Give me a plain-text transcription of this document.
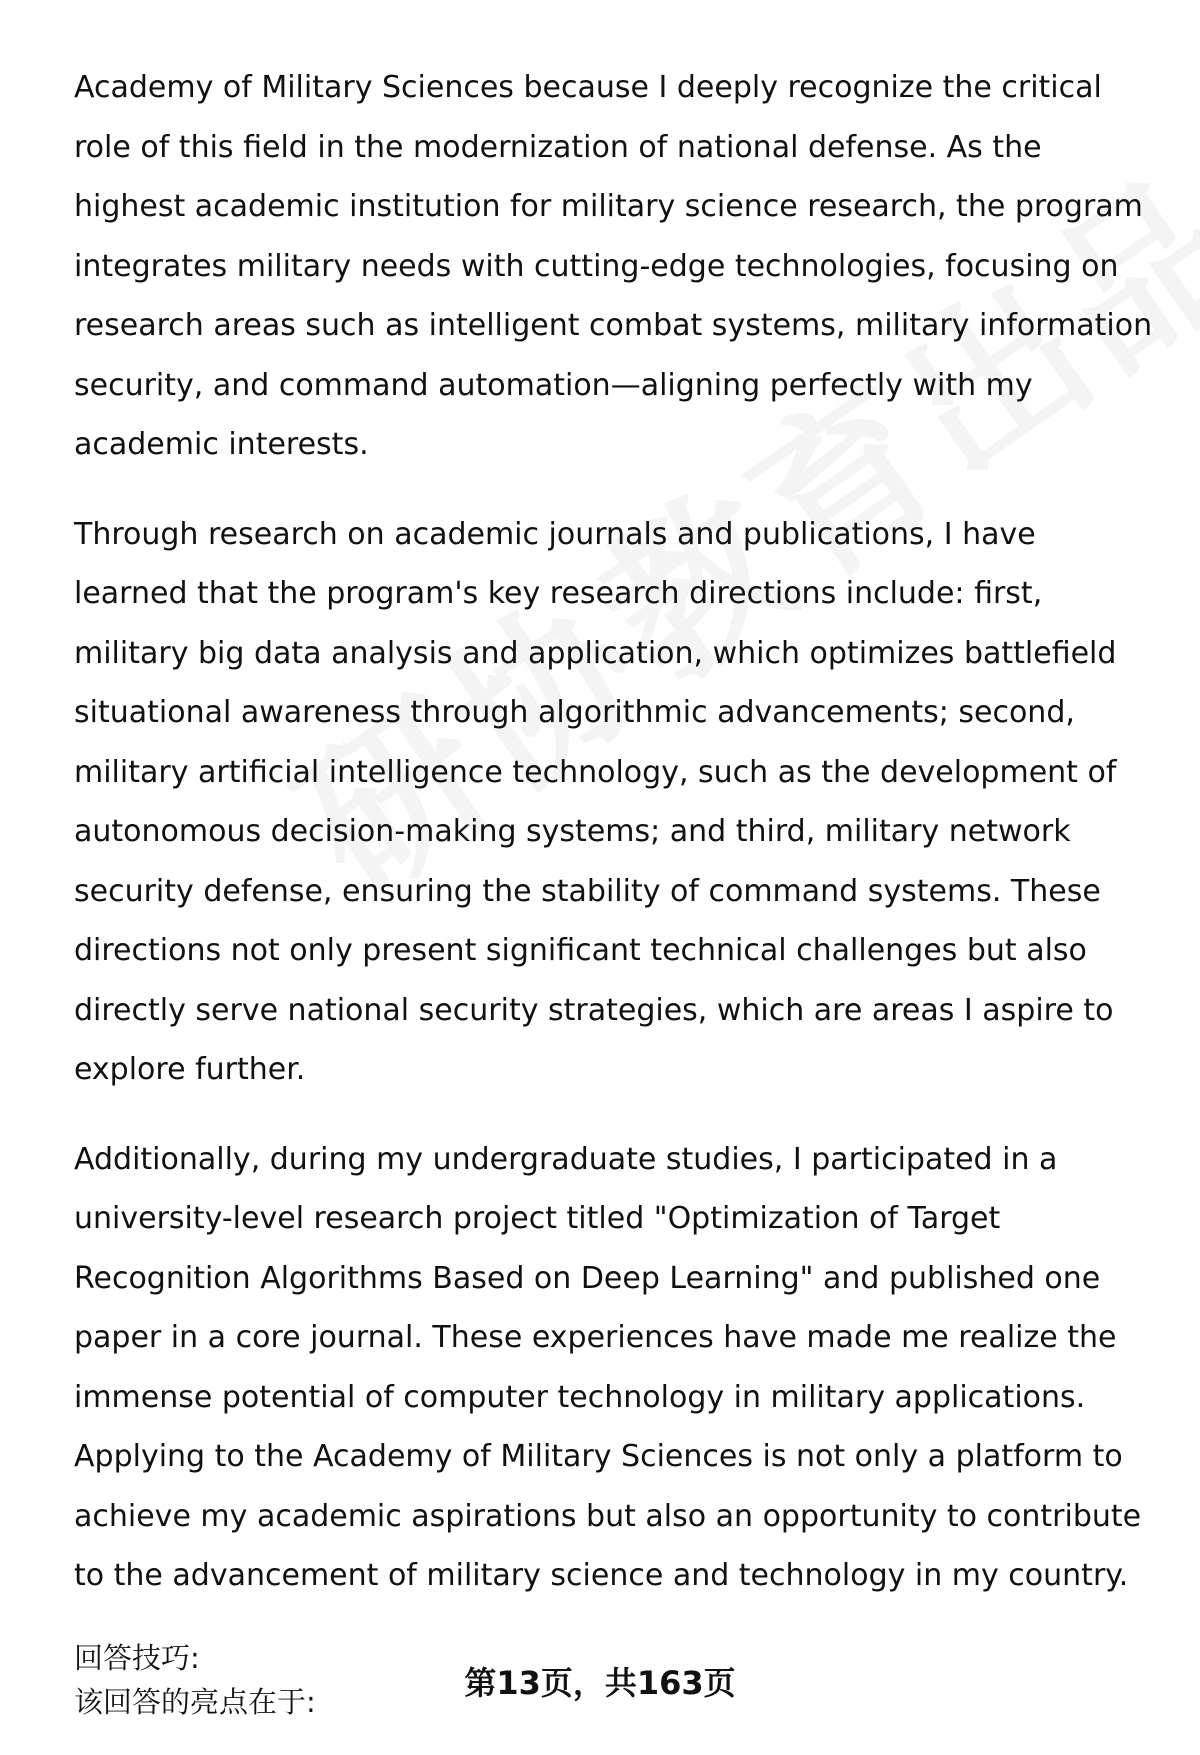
Academy of Military Sciences because I deeply recognize the critical role of this field in the modernization of national defense. As the highest academic institution for military science research, the program integrates military needs with cutting-edge technologies, focusing on research areas such as intelligent combat systems, military information security, and command automation—aligning perfectly with my academic interests.

Through research on academic journals and publications, I have learned that the program's key research directions include: first, military big data analysis and application, which optimizes battlefield situational awareness through algorithmic advancements; second, military artificial intelligence technology, such as the development of autonomous decision-making systems; and third, military network security defense, ensuring the stability of command systems. These directions not only present significant technical challenges but also directly serve national security strategies, which are areas I aspire to explore further.

Additionally, during my undergraduate studies, I participated in a university-level research project titled "Optimization of Target Recognition Algorithms Based on Deep Learning" and published one paper in a core journal. These experiences have made me realize the immense potential of computer technology in military applications. Applying to the Academy of Military Sciences is not only a platform to achieve my academic aspirations but also an opportunity to contribute to the advancement of military science and technology in my country.

回答技巧:

该回答的亮点在于:	第13页，共163页
